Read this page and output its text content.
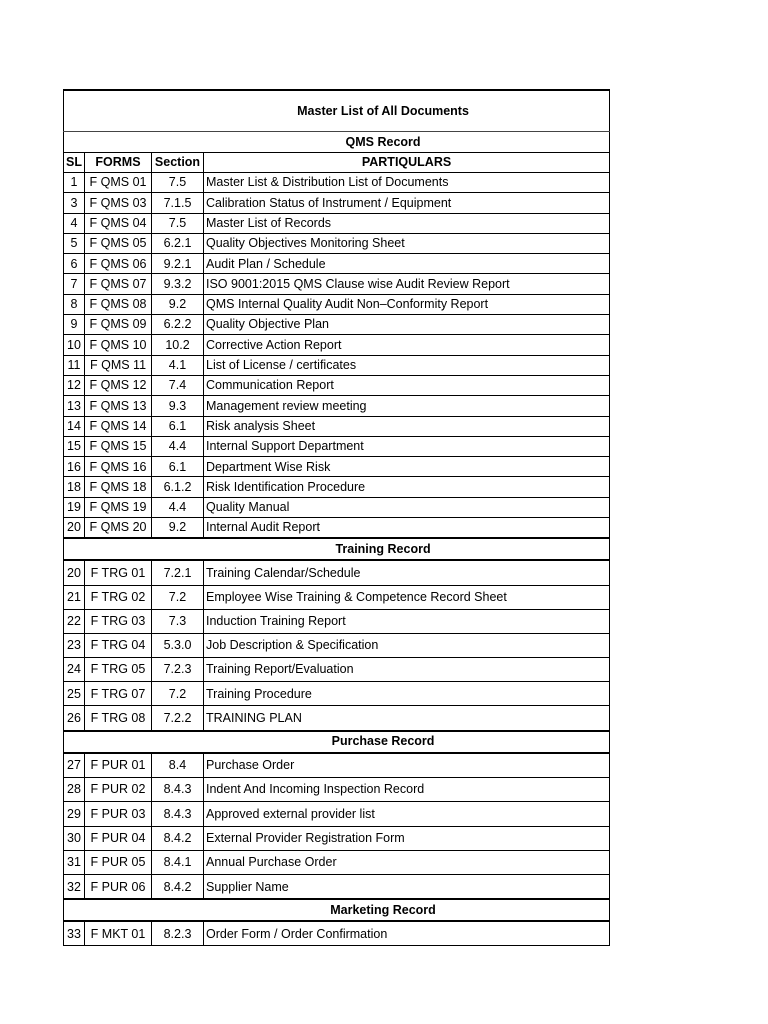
Master List of All Documents			
QMS Record			
SL	FORMS	Section	PARTIQULARS
1	F QMS 01	7.5	Master List & Distribution List of Documents
3	F QMS 03	7.1.5	Calibration Status of Instrument / Equipment
4	F QMS 04	7.5	Master List of Records
5	F QMS 05	6.2.1	Quality Objectives Monitoring Sheet
6	F QMS 06	9.2.1	Audit Plan / Schedule
7	F QMS 07	9.3.2	ISO 9001:2015 QMS Clause wise Audit Review Report
8	F QMS 08	9.2	QMS Internal Quality Audit Non–Conformity Report
9	F QMS 09	6.2.2	Quality Objective Plan
10	F QMS 10	10.2	Corrective Action Report
11	F QMS 11	4.1	List of License / certificates
12	F QMS 12	7.4	Communication Report
13	F QMS 13	9.3	Management review meeting
14	F QMS 14	6.1	Risk analysis Sheet
15	F QMS 15	4.4	Internal Support Department
16	F QMS 16	6.1	Department Wise Risk
18	F QMS 18	6.1.2	Risk Identification Procedure
19	F QMS 19	4.4	Quality Manual
20	F QMS 20	9.2	Internal Audit Report
Training Record			
20	F TRG 01	7.2.1	Training Calendar/Schedule
21	F TRG 02	7.2	Employee Wise Training & Competence Record Sheet
22	F TRG 03	7.3	Induction Training Report
23	F TRG 04	5.3.0	Job Description & Specification
24	F TRG 05	7.2.3	Training Report/Evaluation
25	F TRG 07	7.2	Training Procedure
26	F TRG 08	7.2.2	TRAINING PLAN
Purchase Record			
27	F PUR 01	8.4	Purchase Order
28	F PUR 02	8.4.3	Indent And Incoming Inspection Record
29	F PUR 03	8.4.3	Approved external provider list
30	F PUR 04	8.4.2	External Provider Registration Form
31	F PUR 05	8.4.1	Annual Purchase Order
32	F PUR 06	8.4.2	Supplier Name
Marketing Record			
33	F MKT 01	8.2.3	Order Form / Order Confirmation
